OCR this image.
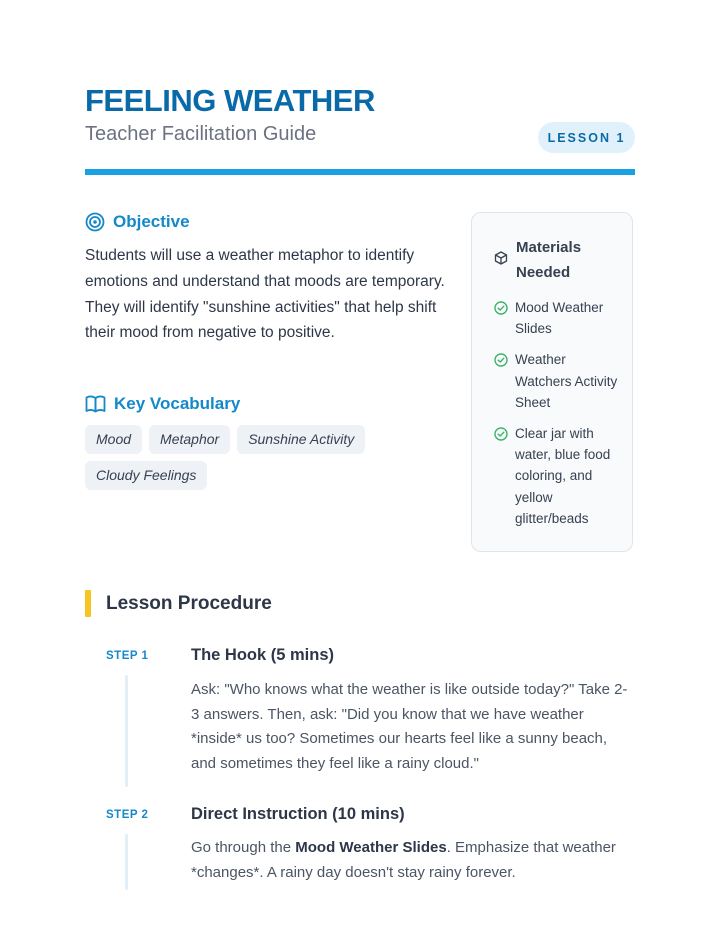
FEELING WEATHER
Teacher Facilitation Guide	LESSON 1
Objective

Students will use a weather metaphor to identify emotions and understand that moods are temporary. They will identify "sunshine activities" that help shift their mood from negative to positive.

Key Vocabulary
Mood	Metaphor	Sunshine Activity
Cloudy Feelings
Materials Needed
Mood Weather Slides
Weather Watchers Activity Sheet
Clear jar with water, blue food coloring, and yellow glitter/beads
Lesson Procedure
STEP 1	The Hook (5 mins)

Ask: "Who knows what the weather is like outside today?" Take 2-3 answers. Then, ask: "Did you know that we have weather *inside* us too? Sometimes our hearts feel like a sunny beach, and sometimes they feel like a rainy cloud."

STEP 2	Direct Instruction (10 mins)

Go through the Mood Weather Slides. Emphasize that weather *changes*. A rainy day doesn't stay rainy forever.
